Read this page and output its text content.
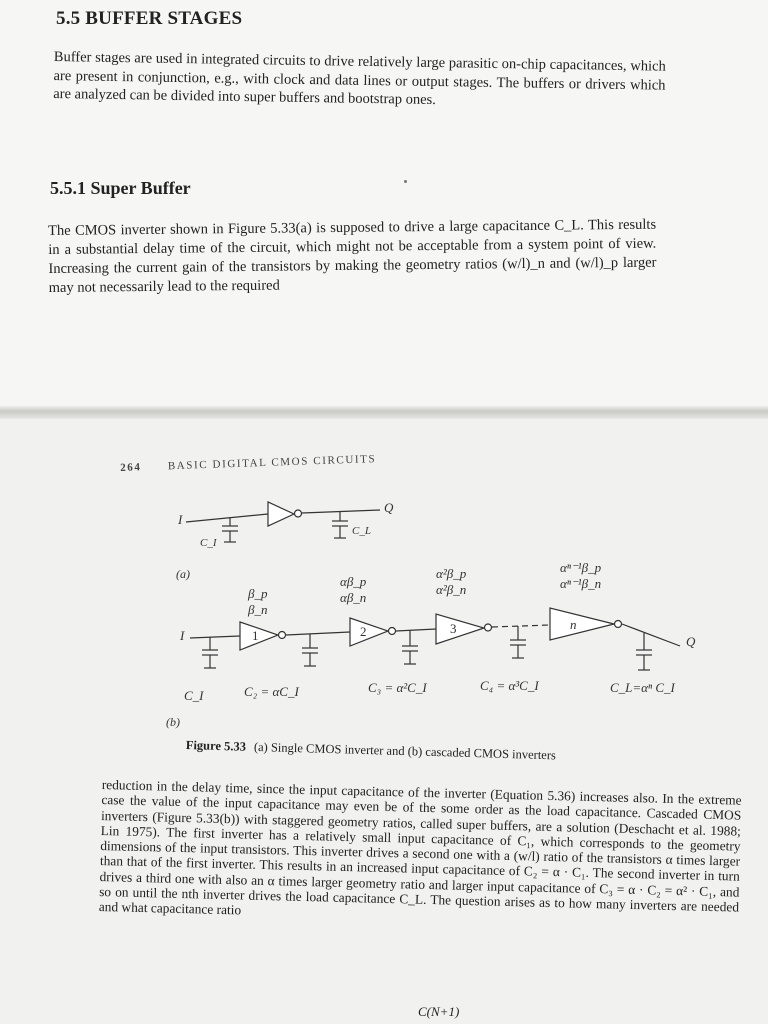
5.5 BUFFER STAGES

Buffer stages are used in integrated circuits to drive relatively large parasitic on-chip capacitances, which are present in conjunction, e.g., with clock and data lines or output stages. The buffers or drivers which are analyzed can be divided into super buffers and bootstrap ones.

5.5.1 Super Buffer

The CMOS inverter shown in Figure 5.33(a) is supposed to drive a large capacitance C_L. This results in a substantial delay time of the circuit, which might not be acceptable from a system point of view. Increasing the current gain of the transistors by making the geometry ratios (w/l)_n and (w/l)_p larger may not necessarily lead to the required

264 BASIC DIGITAL CMOS CIRCUITS
I
Q
C_I
C_L
(a)
I	Q
1	2	3	n
β_p
β_n
αβ_p
αβ_n
α²β_p
α²β_n
αⁿ⁻¹β_p
αⁿ⁻¹β_n
C_I	C₂ = αC_I	C₃ = α²C_I	C₄ = α³C_I	C_L=αⁿ C_I
(b)

Figure 5.33 (a) Single CMOS inverter and (b) cascaded CMOS inverters

reduction in the delay time, since the input capacitance of the inverter (Equation 5.36) increases also. In the extreme case the value of the input capacitance may even be of the some order as the load capacitance. Cascaded CMOS inverters (Figure 5.33(b)) with staggered geometry ratios, called super buffers, are a solution (Deschacht et al. 1988; Lin 1975). The first inverter has a relatively small input capacitance of C₁, which corresponds to the geometry dimensions of the input transistors. This inverter drives a second one with a (w/l) ratio of the transistors α times larger than that of the first inverter. This results in an increased input capacitance of C₂ = α · C₁. The second inverter in turn drives a third one with also an α times larger geometry ratio and larger input capacitance of C₃ = α · C₂ = α² · C₁, and so on until the nth inverter drives the load capacitance C_L. The question arises as to how many inverters are needed and what capacitance ratio

C(N+1)
